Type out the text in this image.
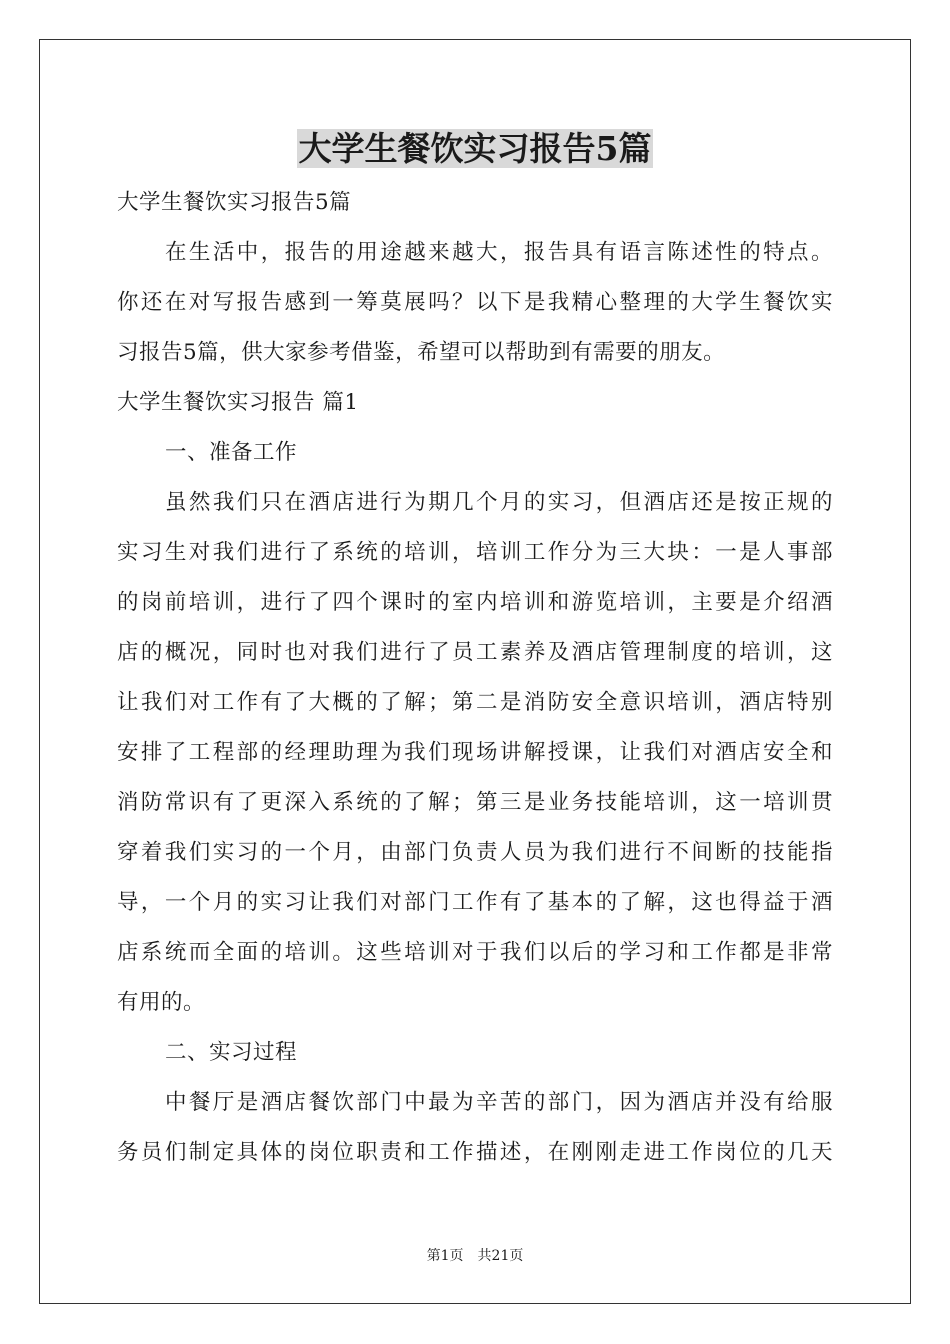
大学生餐饮实习报告5篇
大学生餐饮实习报告5篇
在生活中，报告的用途越来越大，报告具有语言陈述性的特点。
你还在对写报告感到一筹莫展吗？以下是我精心整理的大学生餐饮实
习报告5篇，供大家参考借鉴，希望可以帮助到有需要的朋友。
大学生餐饮实习报告 篇1
一、准备工作
虽然我们只在酒店进行为期几个月的实习，但酒店还是按正规的
实习生对我们进行了系统的培训，培训工作分为三大块：一是人事部
的岗前培训，进行了四个课时的室内培训和游览培训，主要是介绍酒
店的概况，同时也对我们进行了员工素养及酒店管理制度的培训，这
让我们对工作有了大概的了解；第二是消防安全意识培训，酒店特别
安排了工程部的经理助理为我们现场讲解授课，让我们对酒店安全和
消防常识有了更深入系统的了解；第三是业务技能培训，这一培训贯
穿着我们实习的一个月，由部门负责人员为我们进行不间断的技能指
导，一个月的实习让我们对部门工作有了基本的了解，这也得益于酒
店系统而全面的培训。这些培训对于我们以后的学习和工作都是非常
有用的。
二、实习过程
中餐厅是酒店餐饮部门中最为辛苦的部门，因为酒店并没有给服
务员们制定具体的岗位职责和工作描述，在刚刚走进工作岗位的几天
第1页 共21页
